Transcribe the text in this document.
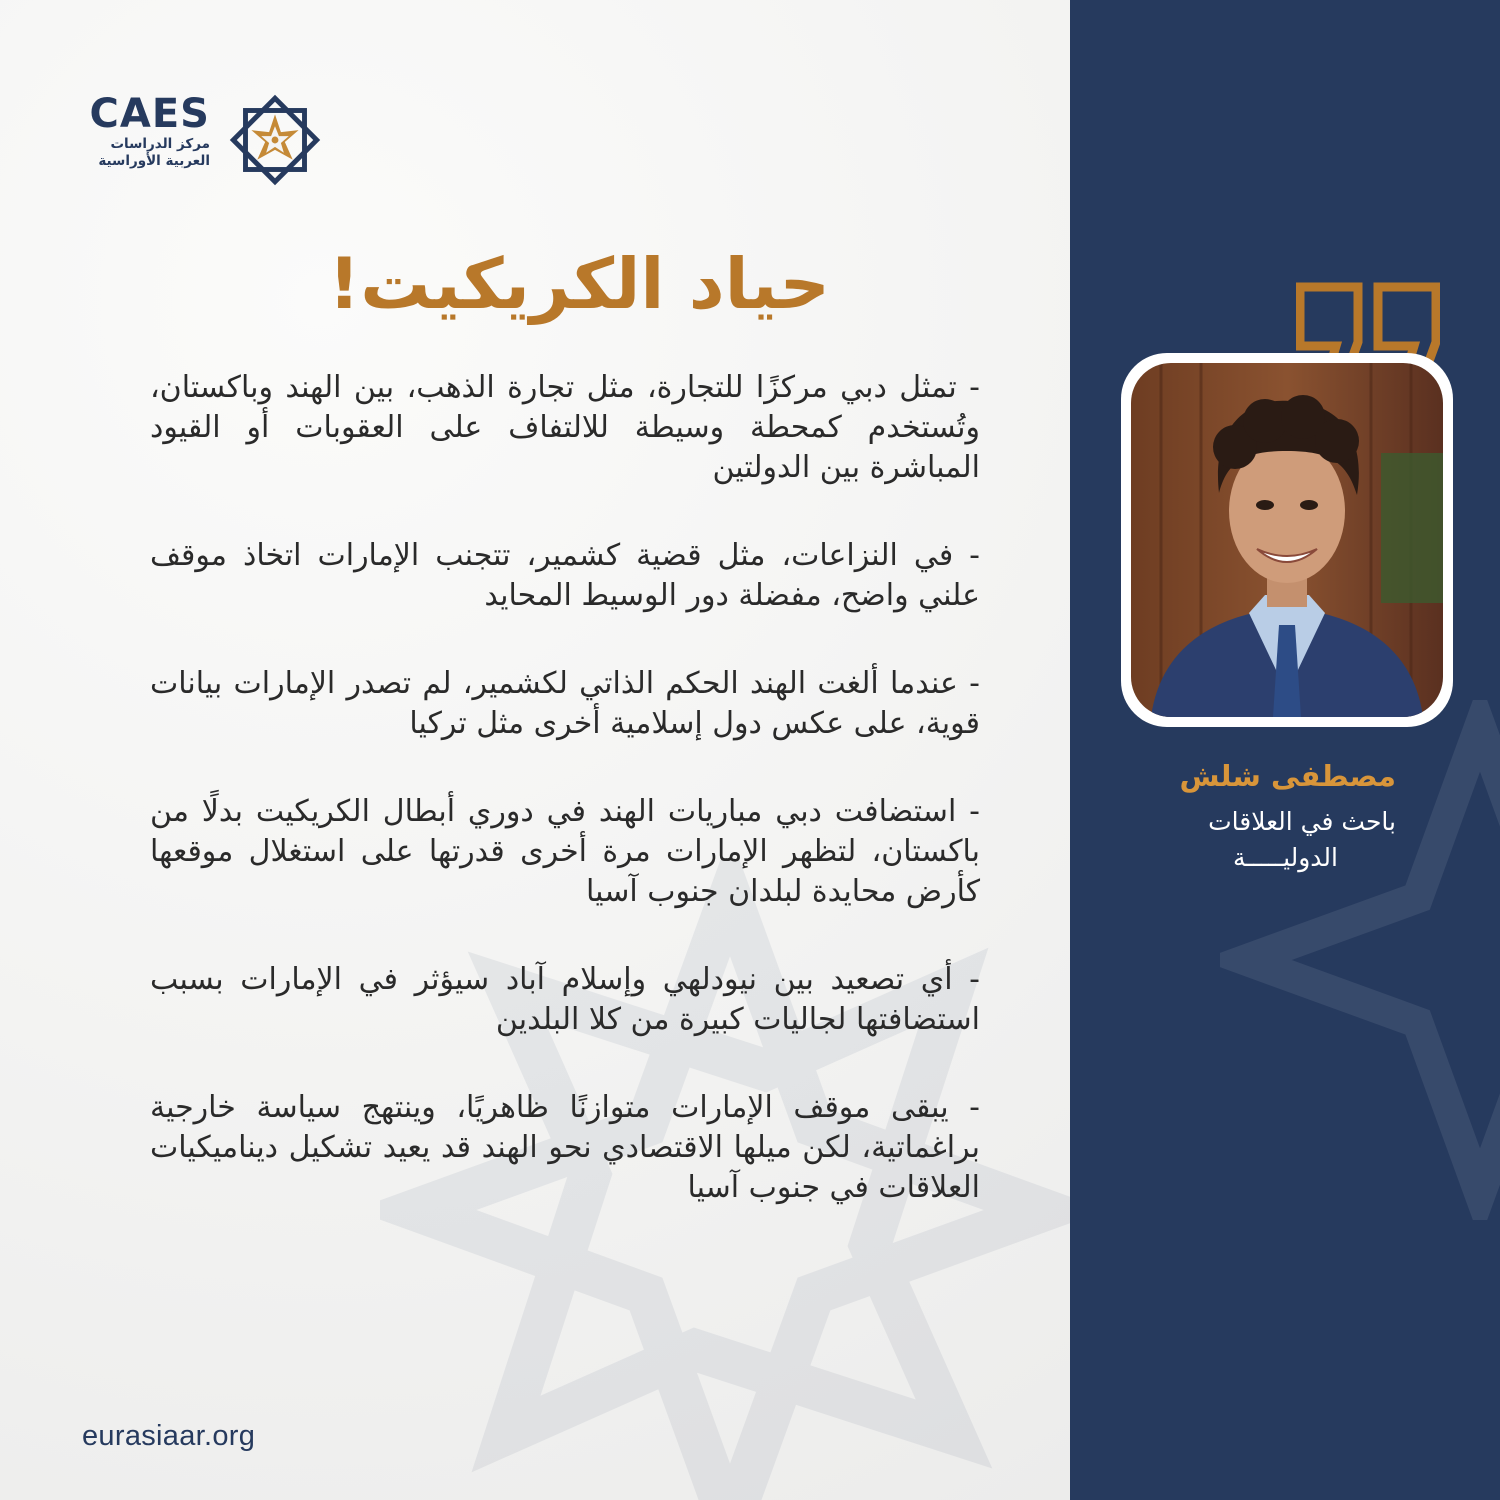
CAES
مركز الدراسات
العربية الأوراسية
حياد الكريكيت!

- تمثل دبي مركزًا للتجارة، مثل تجارة الذهب، بين الهند وباكستان، وتُستخدم كمحطة وسيطة للالتفاف على العقوبات أو القيود المباشرة بين الدولتين

- في النزاعات، مثل قضية كشمير، تتجنب الإمارات اتخاذ موقف علني واضح، مفضلة دور الوسيط المحايد

- عندما ألغت الهند الحكم الذاتي لكشمير، لم تصدر الإمارات بيانات قوية، على عكس دول إسلامية أخرى مثل تركيا

- استضافت دبي مباريات الهند في دوري أبطال الكريكيت بدلًا من باكستان، لتظهر الإمارات مرة أخرى قدرتها على استغلال موقعها كأرض محايدة لبلدان جنوب آسيا

- أي تصعيد بين نيودلهي وإسلام آباد سيؤثر في الإمارات بسبب استضافتها لجاليات كبيرة من كلا البلدين

- يبقى موقف الإمارات متوازنًا ظاهريًا، وينتهج سياسة خارجية براغماتية، لكن ميلها الاقتصادي نحو الهند قد يعيد تشكيل ديناميكيات العلاقات في جنوب آسيا

eurasiaar.org
مصطفى شلش
باحث في العلاقات
الدوليـــــة
